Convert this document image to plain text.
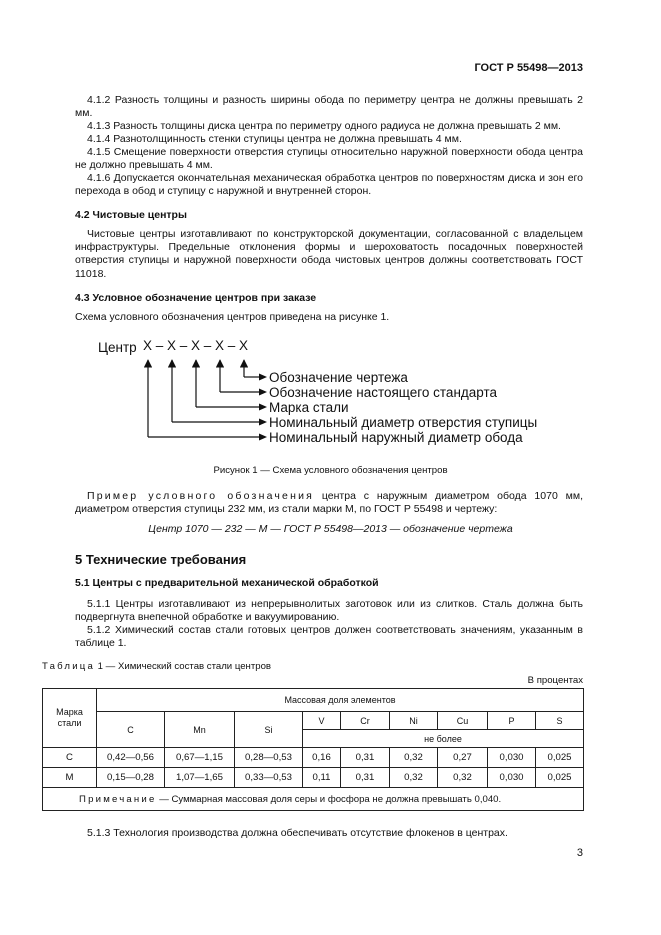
ГОСТ Р 55498—2013
4.1.2 Разность толщины и разность ширины обода по периметру центра не должны превышать 2 мм.
4.1.3 Разность толщины диска центра по периметру одного радиуса не должна превышать 2 мм.
4.1.4 Разнотолщинность стенки ступицы центра не должна превышать 4 мм.
4.1.5 Смещение поверхности отверстия ступицы относительно наружной поверхности обода центра не должно превышать 4 мм.
4.1.6 Допускается окончательная механическая обработка центров по поверхностям диска и зон его перехода в обод и ступицу с наружной и внутренней сторон.
4.2 Чистовые центры
Чистовые центры изготавливают по конструкторской документации, согласованной с владельцем инфраструктуры. Предельные отклонения формы и шероховатость посадочных поверхностей отверстия ступицы и наружной поверхности обода чистовых центров должны соответствовать ГОСТ 11018.
4.3 Условное обозначение центров при заказе
Схема условного обозначения центров приведена на рисунке 1.
Центр X – X – X – X – X
Обозначение чертежа
Обозначение настоящего стандарта
Марка стали
Номинальный диаметр отверстия ступицы
Номинальный наружный диаметр обода
Рисунок 1 — Схема условного обозначения центров
Пример условного обозначения центра с наружным диаметром обода 1070 мм, диаметром отверстия ступицы 232 мм, из стали марки М, по ГОСТ Р 55498 и чертежу:
Центр 1070 — 232 — М — ГОСТ Р 55498—2013 — обозначение чертежа
5 Технические требования
5.1 Центры с предварительной механической обработкой
5.1.1 Центры изготавливают из непрерывнолитых заготовок или из слитков. Сталь должна быть подвергнута внепечной обработке и вакуумированию.
5.1.2 Химический состав стали готовых центров должен соответствовать значениям, указанным в таблице 1.
Таблица 1 — Химический состав стали центров
В процентах
Марка стали	Массовая доля элементов								
	C	Mn	Si	V	Cr	Ni	Cu	P	S
				не более					
С	0,42—0,56	0,67—1,15	0,28—0,53	0,16	0,31	0,32	0,27	0,030	0,025
М	0,15—0,28	1,07—1,65	0,33—0,53	0,11	0,31	0,32	0,32	0,030	0,025
Примечание — Суммарная массовая доля серы и фосфора не должна превышать 0,040.									
5.1.3 Технология производства должна обеспечивать отсутствие флокенов в центрах.
3
